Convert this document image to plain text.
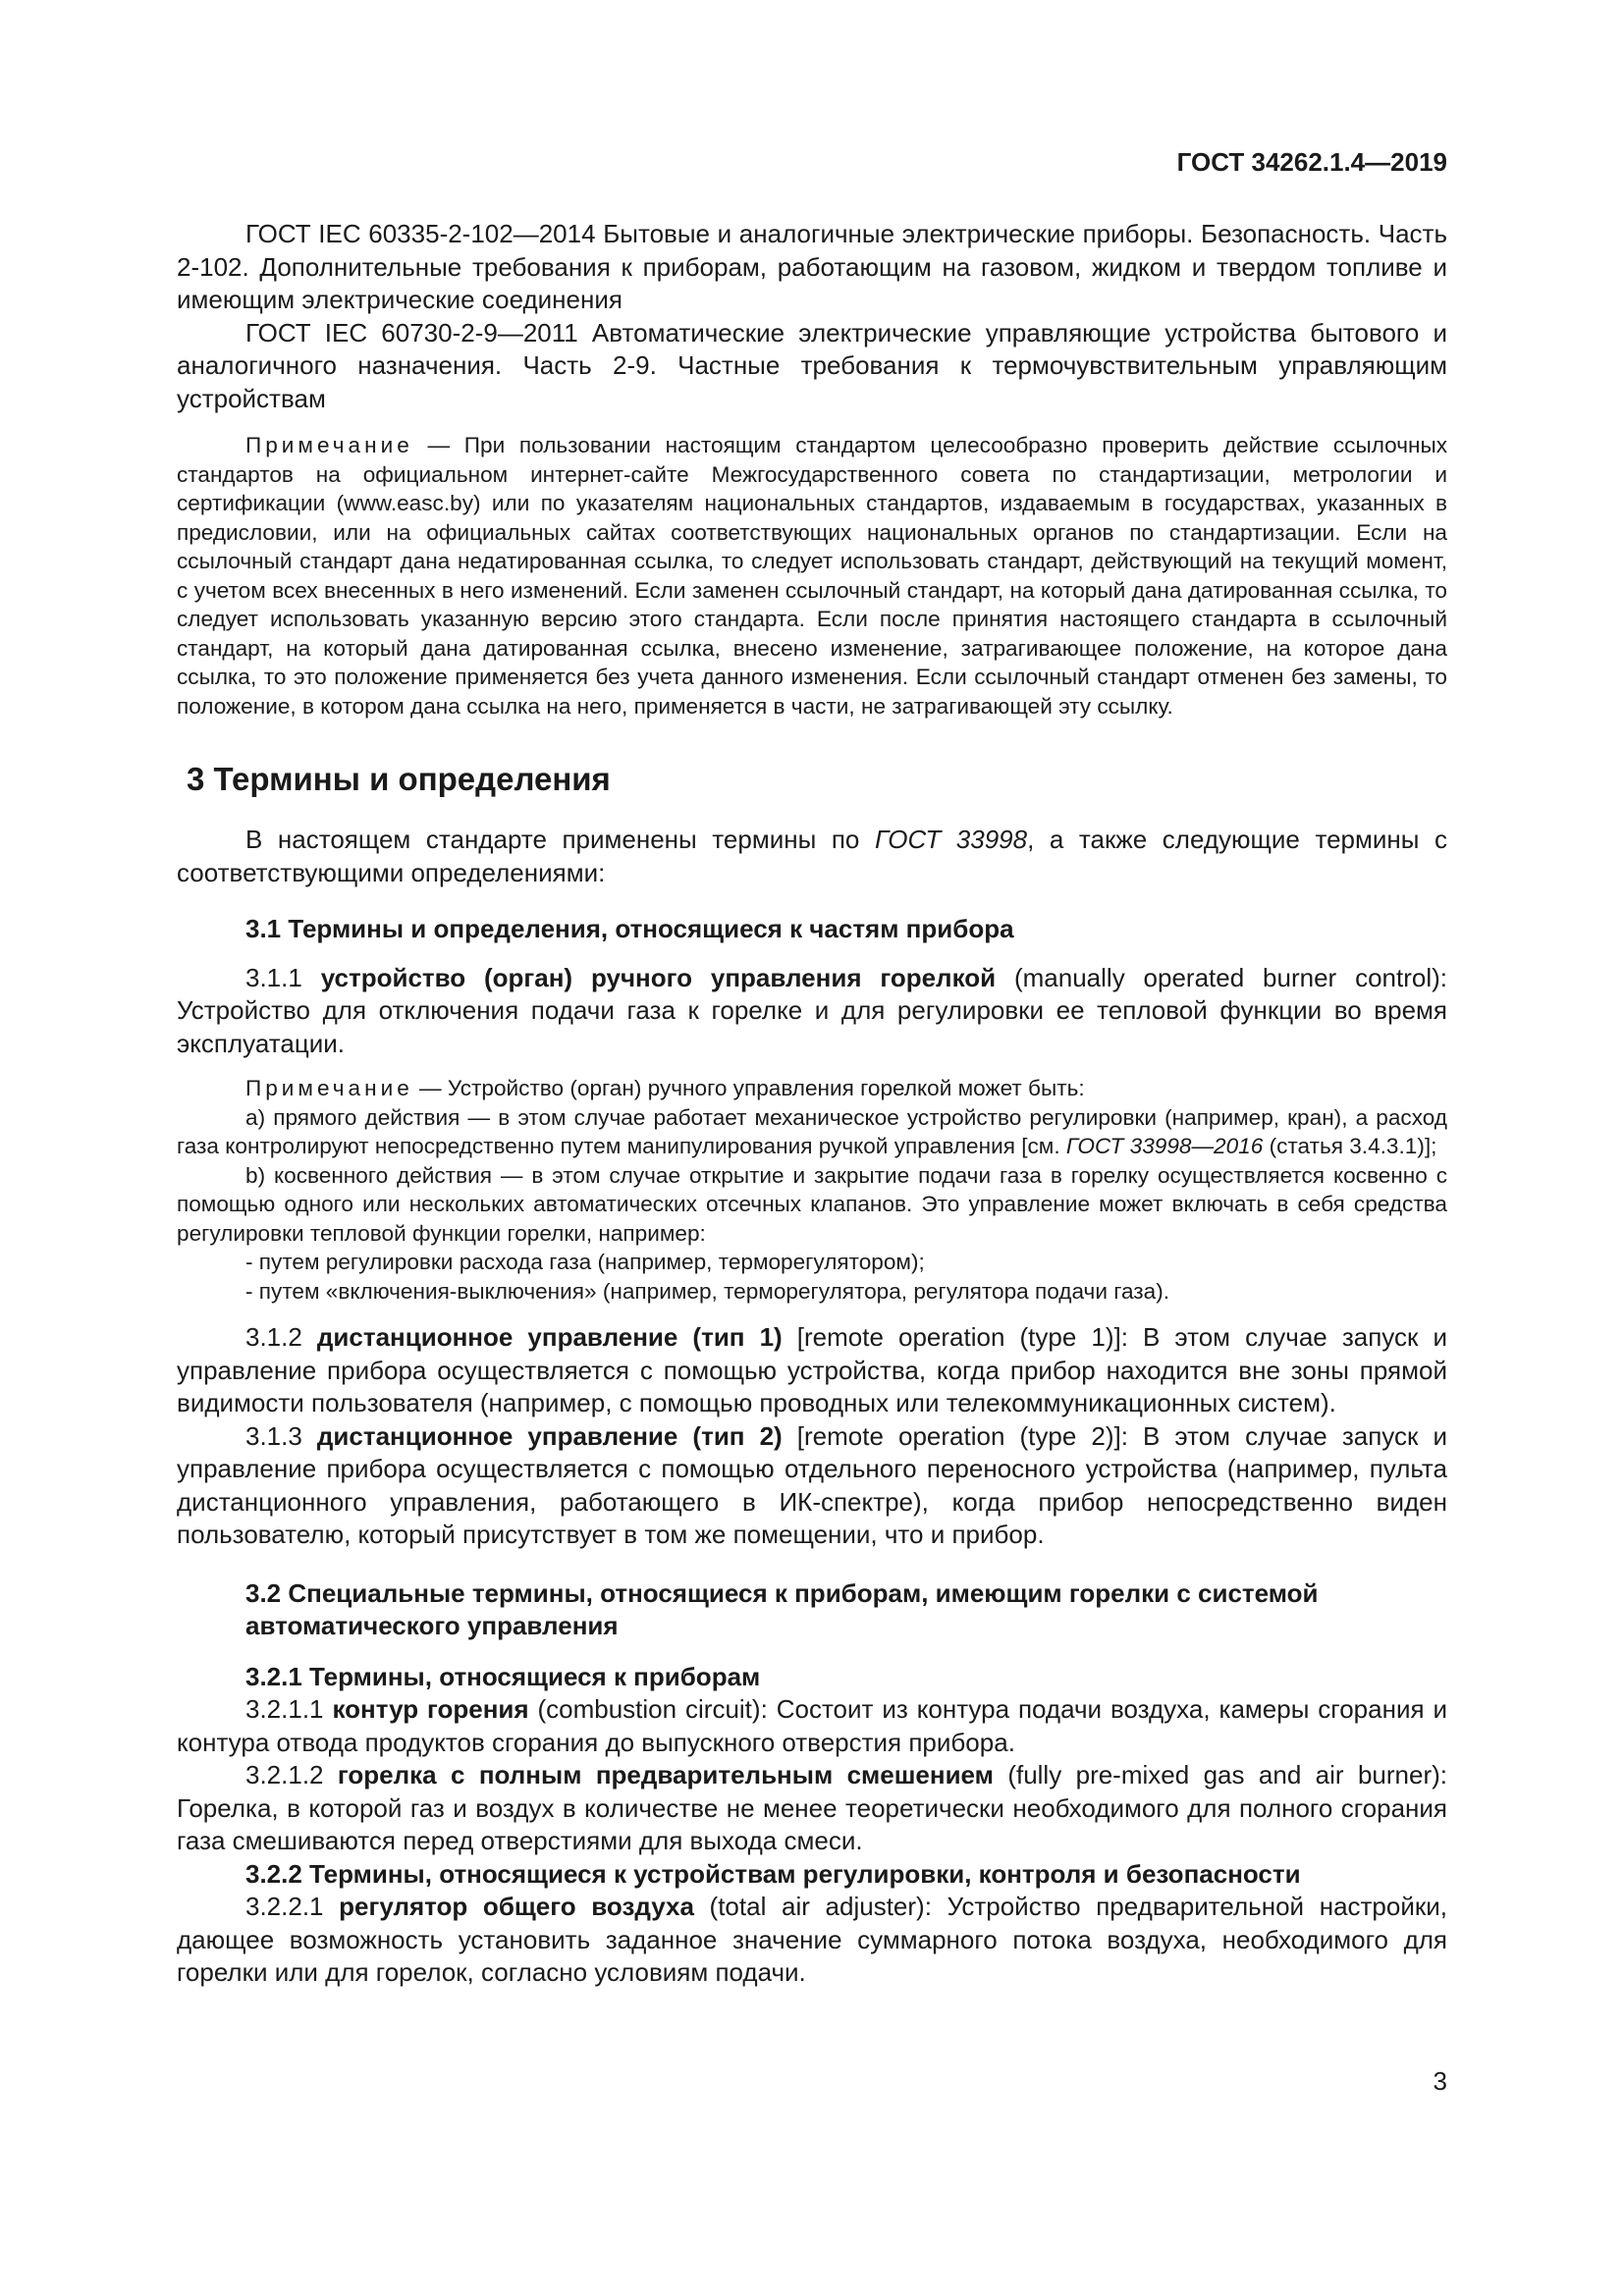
ГОСТ 34262.1.4—2019

ГОСТ IEC 60335-2-102—2014 Бытовые и аналогичные электрические приборы. Безопасность. Часть 2-102. Дополнительные требования к приборам, работающим на газовом, жидком и твердом топливе и имеющим электрические соединения

ГОСТ IEC 60730-2-9—2011 Автоматические электрические управляющие устройства бытового и аналогичного назначения. Часть 2-9. Частные требования к термочувствительным управляющим устройствам

Примечание — При пользовании настоящим стандартом целесообразно проверить действие ссылочных стандартов на официальном интернет-сайте Межгосударственного совета по стандартизации, метрологии и сертификации (www.easc.by) или по указателям национальных стандартов, издаваемым в государствах, указанных в предисловии, или на официальных сайтах соответствующих национальных органов по стандартизации. Если на ссылочный стандарт дана недатированная ссылка, то следует использовать стандарт, действующий на текущий момент, с учетом всех внесенных в него изменений. Если заменен ссылочный стандарт, на который дана датированная ссылка, то следует использовать указанную версию этого стандарта. Если после принятия настоящего стандарта в ссылочный стандарт, на который дана датированная ссылка, внесено изменение, затрагивающее положение, на которое дана ссылка, то это положение применяется без учета данного изменения. Если ссылочный стандарт отменен без замены, то положение, в котором дана ссылка на него, применяется в части, не затрагивающей эту ссылку.

3 Термины и определения

В настоящем стандарте применены термины по ГОСТ 33998, а также следующие термины с соответствующими определениями:

3.1 Термины и определения, относящиеся к частям прибора

3.1.1 устройство (орган) ручного управления горелкой (manually operated burner control): Устройство для отключения подачи газа к горелке и для регулировки ее тепловой функции во время эксплуатации.

Примечание — Устройство (орган) ручного управления горелкой может быть:

а) прямого действия — в этом случае работает механическое устройство регулировки (например, кран), а расход газа контролируют непосредственно путем манипулирования ручкой управления [см. ГОСТ 33998—2016 (статья 3.4.3.1)];

b) косвенного действия — в этом случае открытие и закрытие подачи газа в горелку осуществляется косвенно с помощью одного или нескольких автоматических отсечных клапанов. Это управление может включать в себя средства регулировки тепловой функции горелки, например:

- путем регулировки расхода газа (например, терморегулятором);

- путем «включения-выключения» (например, терморегулятора, регулятора подачи газа).

3.1.2 дистанционное управление (тип 1) [remote operation (type 1)]: В этом случае запуск и управление прибора осуществляется с помощью устройства, когда прибор находится вне зоны прямой видимости пользователя (например, с помощью проводных или телекоммуникационных систем).

3.1.3 дистанционное управление (тип 2) [remote operation (type 2)]: В этом случае запуск и управление прибора осуществляется с помощью отдельного переносного устройства (например, пульта дистанционного управления, работающего в ИК-спектре), когда прибор непосредственно виден пользователю, который присутствует в том же помещении, что и прибор.

3.2 Специальные термины, относящиеся к приборам, имеющим горелки с системой
автоматического управления
3.2.1 Термины, относящиеся к приборам

3.2.1.1 контур горения (combustion circuit): Состоит из контура подачи воздуха, камеры сгорания и контура отвода продуктов сгорания до выпускного отверстия прибора.

3.2.1.2 горелка с полным предварительным смешением (fully pre-mixed gas and air burner): Горелка, в которой газ и воздух в количестве не менее теоретически необходимого для полного сгорания газа смешиваются перед отверстиями для выхода смеси.

3.2.2 Термины, относящиеся к устройствам регулировки, контроля и безопасности

3.2.2.1 регулятор общего воздуха (total air adjuster): Устройство предварительной настройки, дающее возможность установить заданное значение суммарного потока воздуха, необходимого для горелки или для горелок, согласно условиям подачи.

3
